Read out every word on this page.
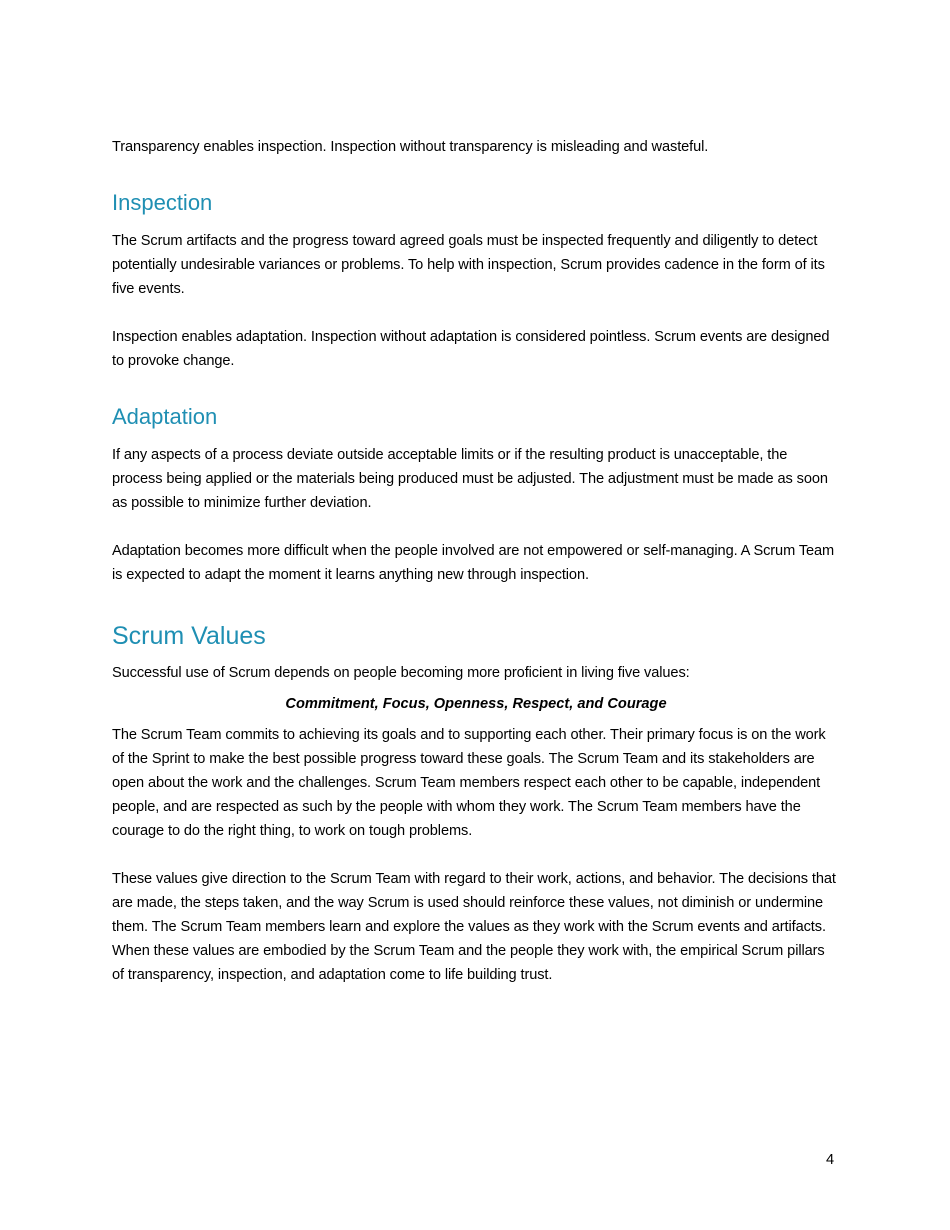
Transparency enables inspection. Inspection without transparency is misleading and wasteful.

Inspection

The Scrum artifacts and the progress toward agreed goals must be inspected frequently and diligently to detect potentially undesirable variances or problems. To help with inspection, Scrum provides cadence in the form of its five events.

Inspection enables adaptation. Inspection without adaptation is considered pointless. Scrum events are designed to provoke change.

Adaptation

If any aspects of a process deviate outside acceptable limits or if the resulting product is unacceptable, the process being applied or the materials being produced must be adjusted. The adjustment must be made as soon as possible to minimize further deviation.

Adaptation becomes more difficult when the people involved are not empowered or self-managing. A Scrum Team is expected to adapt the moment it learns anything new through inspection.

Scrum Values

Successful use of Scrum depends on people becoming more proficient in living five values:

Commitment, Focus, Openness, Respect, and Courage

The Scrum Team commits to achieving its goals and to supporting each other. Their primary focus is on the work of the Sprint to make the best possible progress toward these goals. The Scrum Team and its stakeholders are open about the work and the challenges. Scrum Team members respect each other to be capable, independent people, and are respected as such by the people with whom they work. The Scrum Team members have the courage to do the right thing, to work on tough problems.

These values give direction to the Scrum Team with regard to their work, actions, and behavior. The decisions that are made, the steps taken, and the way Scrum is used should reinforce these values, not diminish or undermine them. The Scrum Team members learn and explore the values as they work with the Scrum events and artifacts. When these values are embodied by the Scrum Team and the people they work with, the empirical Scrum pillars of transparency, inspection, and adaptation come to life building trust.

4
